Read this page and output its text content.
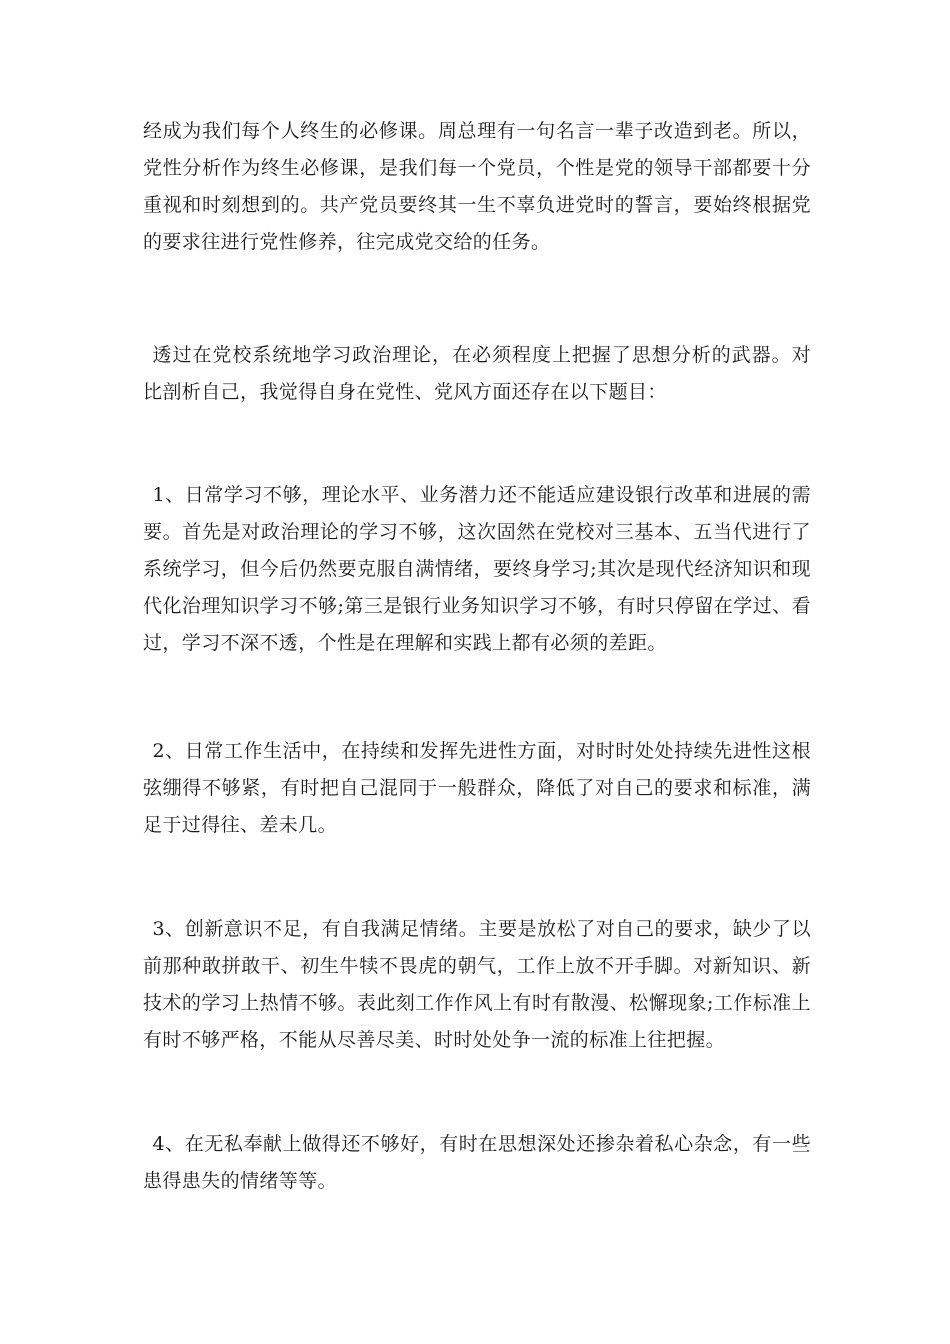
经成为我们每个人终生的必修课。周总理有一句名言一辈子改造到老。所以，党性分析作为终生必修课，是我们每一个党员，个性是党的领导干部都要十分重视和时刻想到的。共产党员要终其一生不辜负进党时的誓言，要始终根据党的要求往进行党性修养，往完成党交给的任务。

透过在党校系统地学习政治理论，在必须程度上把握了思想分析的武器。对比剖析自己，我觉得自身在党性、党风方面还存在以下题目：

1、日常学习不够，理论水平、业务潜力还不能适应建设银行改革和进展的需要。首先是对政治理论的学习不够，这次固然在党校对三基本、五当代进行了系统学习，但今后仍然要克服自满情绪，要终身学习;其次是现代经济知识和现代化治理知识学习不够;第三是银行业务知识学习不够，有时只停留在学过、看过，学习不深不透，个性是在理解和实践上都有必须的差距。

2、日常工作生活中，在持续和发挥先进性方面，对时时处处持续先进性这根弦绷得不够紧，有时把自己混同于一般群众，降低了对自己的要求和标准，满足于过得往、差未几。

3、创新意识不足，有自我满足情绪。主要是放松了对自己的要求，缺少了以前那种敢拼敢干、初生牛犊不畏虎的朝气，工作上放不开手脚。对新知识、新技术的学习上热情不够。表此刻工作作风上有时有散漫、松懈现象;工作标准上有时不够严格，不能从尽善尽美、时时处处争一流的标准上往把握。

4、在无私奉献上做得还不够好，有时在思想深处还掺杂着私心杂念，有一些患得患失的情绪等等。
